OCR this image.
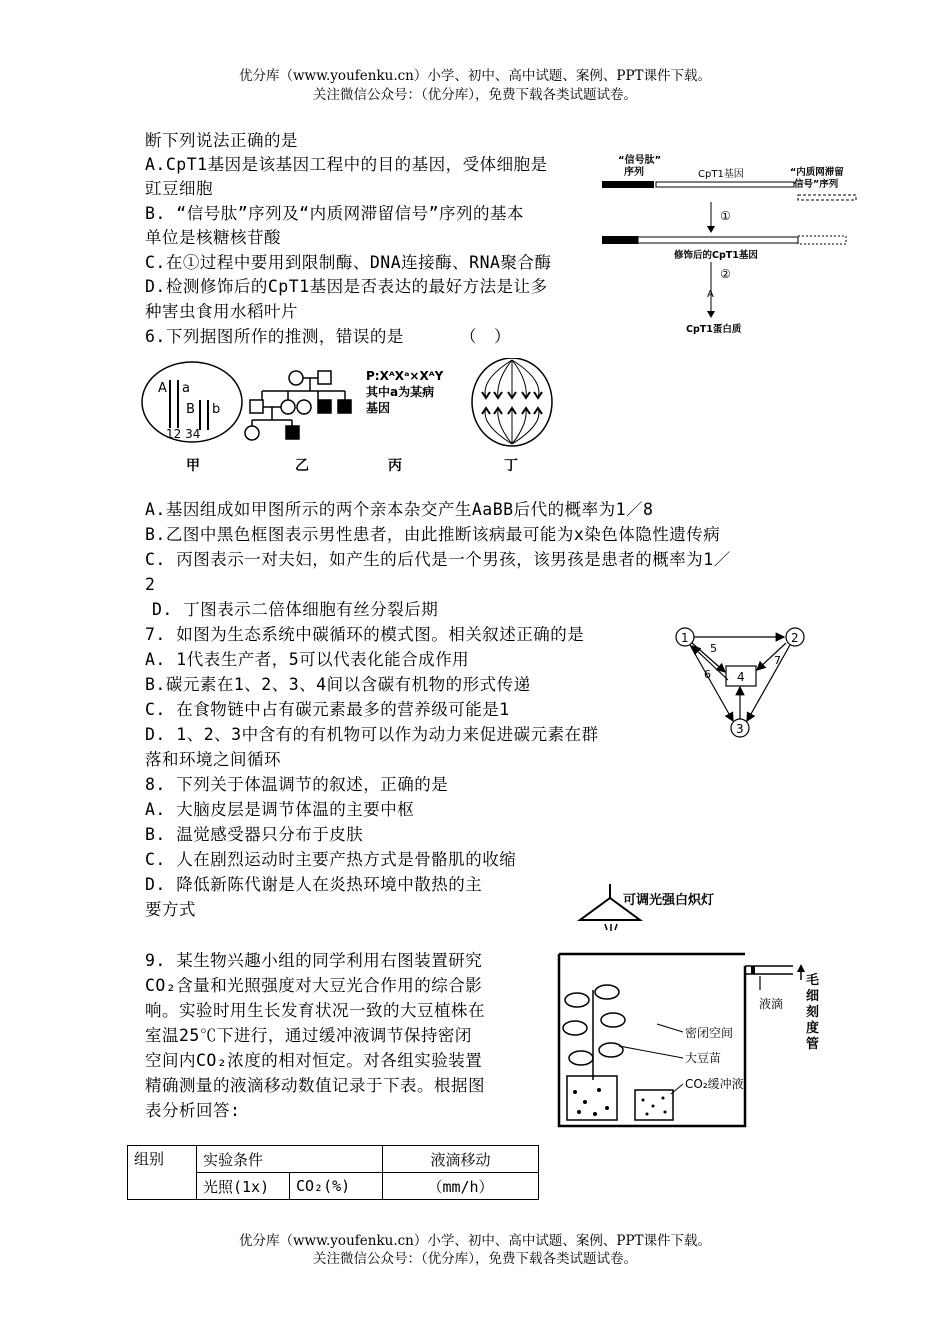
优分库（www.youfenku.cn）小学、初中、高中试题、案例、PPT课件下载。
关注微信公众号：（优分库），免费下载各类试题试卷。
断下列说法正确的是
A.CpT1基因是该基因工程中的目的基因，受体细胞是
豇豆细胞
B. “信号肽”序列及“内质网滞留信号”序列的基本
单位是核糖核苷酸
C.在①过程中要用到限制酶、DNA连接酶、RNA聚合酶
D.检测修饰后的CpT1基因是否表达的最好方法是让多
种害虫食用水稻叶片
“信号肽”
序列	CpT1基因	“内质网滞留
信号”序列
①
修饰后的CpT1基因
②
A
CpT1蛋白质
6.下列据图所作的推测，错误的是	（　）
A a
B b
12 34
甲	乙
P:XᴬXᵃ×XᴬY
其中a为某病
基因
丙	丁
A.基因组成如甲图所示的两个亲本杂交产生AaBB后代的概率为1／8
B.乙图中黑色框图表示男性患者，由此推断该病最可能为x染色体隐性遗传病
C. 丙图表示一对夫妇，如产生的后代是一个男孩，该男孩是患者的概率为1／
2
D. 丁图表示二倍体细胞有丝分裂后期
7. 如图为生态系统中碳循环的模式图。相关叙述正确的是
A. 1代表生产者，5可以代表化能合成作用
B.碳元素在1、2、3、4间以含碳有机物的形式传递
C. 在食物链中占有碳元素最多的营养级可能是1
D. 1、2、3中含有的有机物可以作为动力来促进碳元素在群
落和环境之间循环
1	2
3
4
5
6
7
8. 下列关于体温调节的叙述，正确的是
A. 大脑皮层是调节体温的主要中枢
B. 温觉感受器只分布于皮肤
C. 人在剧烈运动时主要产热方式是骨骼肌的收缩
D. 降低新陈代谢是人在炎热环境中散热的主
要方式
9. 某生物兴趣小组的同学利用右图装置研究
CO₂含量和光照强度对大豆光合作用的综合影
响。实验时用生长发育状况一致的大豆植株在
室温25℃下进行，通过缓冲液调节保持密闭
空间内CO₂浓度的相对恒定。对各组实验装置
精确测量的液滴移动数值记录于下表。根据图
表分析回答:
可调光强白炽灯
液滴
毛
细
刻
度
管
密闭空间
大豆苗
CO₂缓冲液
组别	实验条件		液滴移动
	光照(1x)	CO₂(%)	（mm/h）
优分库（www.youfenku.cn）小学、初中、高中试题、案例、PPT课件下载。
关注微信公众号：（优分库），免费下载各类试题试卷。
